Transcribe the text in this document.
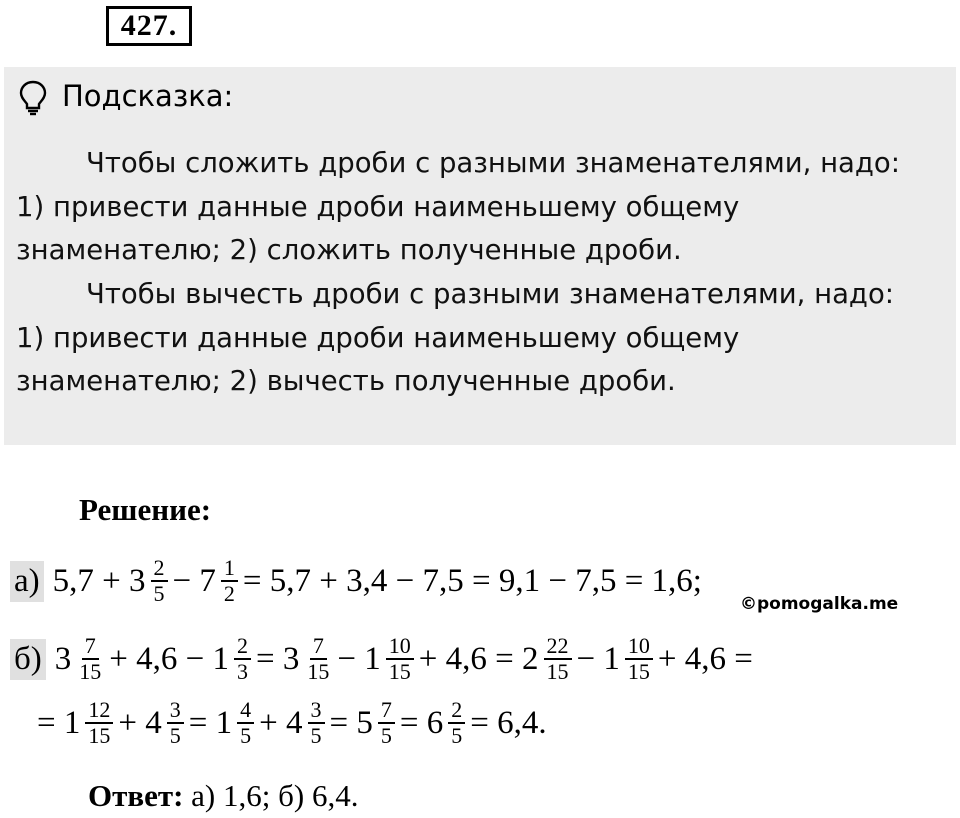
427.
Подсказка:
Чтобы сложить дроби с разными знаменателями, надо:
1) привести данные дроби наименьшему общему
знаменателю; 2) сложить полученные дроби.
Чтобы вычесть дроби с разными знаменателями, надо:
1) привести данные дроби наименьшему общему
знаменателю; 2) вычесть полученные дроби.
Решение:
а) $5,7 + 3 \frac{2}{5} - 7 \frac{1}{2} = 5,7 + 3,4 - 7,5 = 9,1 - 7,5 = 1,6$;
©pomogalka.me
б) $3 \frac{7}{15} + 4,6 - 1 \frac{2}{3} = 3 \frac{7}{15} - 1 \frac{10}{15} + 4,6 = 2 \frac{22}{15} - 1 \frac{10}{15} + 4,6$ =
= $1 \frac{12}{15} + 4 \frac{3}{5} = 1 \frac{4}{5} + 4 \frac{3}{5} = 5 \frac{7}{5} = 6 \frac{2}{5} = 6,4$.
Ответ: а) 1,6; б) 6,4.
